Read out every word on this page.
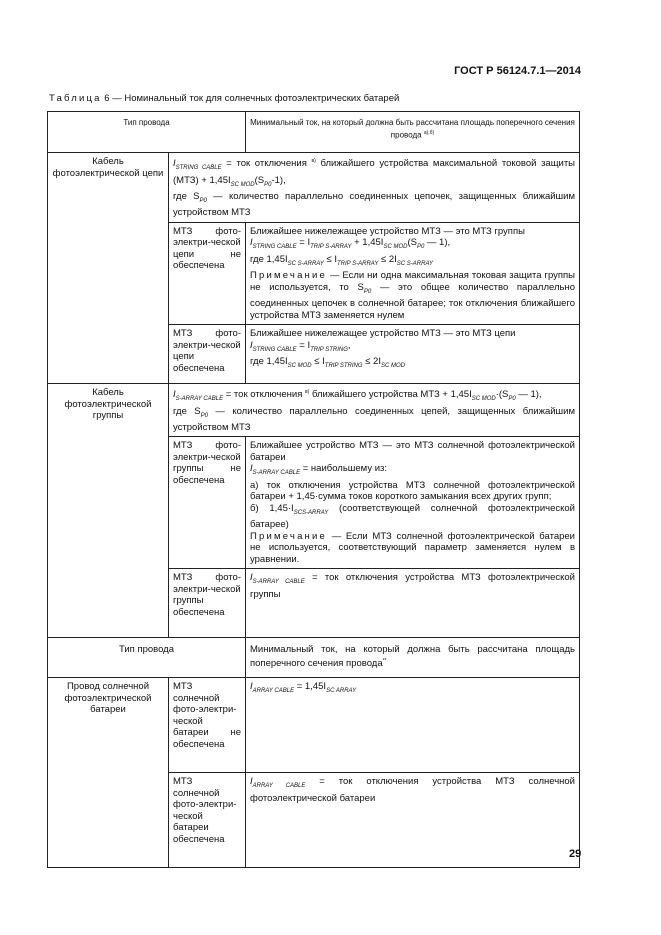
ГОСТ Р 56124.7.1—2014
Таблица 6 — Номинальный ток для солнечных фотоэлектрических батарей
Тип провода		Минимальный ток, на который должна быть рассчитана площадь поперечного сечения провода $^{a),б)}$
Кабель фотоэлектрической цепи	$I_{STRING CABLE}$ = ток отключения $^{в)}$ ближайшего устройства максимальной токовой защиты $(МТЗ) + 1,45I_{SC MOD}(S_{P0}-1)$,
где $S_{P0}$ — количество параллельно соединенных цепочек, защищенных ближайшим устройством МТЗ	
	МТЗ фото-электри-ческой цепи не обеспечена	Ближайшее нижележащее устройство МТЗ — это МТЗ группы
$I_{STRING CABLE} = I_{TRIP S-ARRAY} + 1,45I_{SC MOD}(S_{P0}$ — 1),
где $1,45I_{SC S-ARRAY} \le I_{TRIP S-ARRAY} \le 2I_{SC S-ARRAY}$
Примечание — Если ни одна максимальная токовая защита группы не используется, то $S_{P0}$ — это общее количество параллельно соединенных цепочек в солнечной батарее; ток отключения ближайшего устройства МТЗ заменяется нулем
	МТЗ фото-электри-ческой цепи обеспечена	Ближайшее нижележащее устройство МТЗ — это МТЗ цепи
$I_{STRING CABLE} = I_{TRIP STRING}$,
где $1,45I_{SC MOD} \le I_{TRIP STRING} \le 2I_{SC MOD}$
Кабель фотоэлектрической группы	$I_{S-ARRAY CABLE}$ = ток отключения $^{в)}$ ближайшего устройства МТЗ + $1,45I_{SC MOD}\cdot(S_{P0}$ — 1),
где $S_{P0}$ — количество параллельно соединенных цепей, защищенных ближайшим устройством МТЗ	
	МТЗ фото-электри-ческой группы не обеспечена	Ближайшее устройство МТЗ — это МТЗ солнечной фотоэлектрической батареи
$I_{S-ARRAY CABLE}$ = наибольшему из:
а) ток отключения устройства МТЗ солнечной фотоэлектрической батареи + 1,45·сумма токов короткого замыкания всех других групп;
б) $1,45\cdot I_{SCS-ARRAY}$ (соответствующей солнечной фотоэлектрической батарее)
Примечание — Если МТЗ солнечной фотоэлектрической батареи не используется, соответствующий параметр заменяется нулем в уравнении.
	МТЗ фото-электри-ческой группы обеспечена	$I_{S-ARRAY CABLE}$ = ток отключения устройства МТЗ фотоэлектрической группы
Тип провода		Минимальный ток, на который должна быть рассчитана площадь поперечного сечения провода**
Провод солнечной фотоэлектрической батареи	МТЗ солнечной фото-электри-ческой батареи не обеспечена	$I_{ARRAY CABLE} = 1,45I_{SC ARRAY}$
	МТЗ солнечной фото-электри-ческой батареи обеспечена	$I_{ARRAY CABLE}$ = ток отключения устройства МТЗ солнечной фотоэлектрической батареи
29
